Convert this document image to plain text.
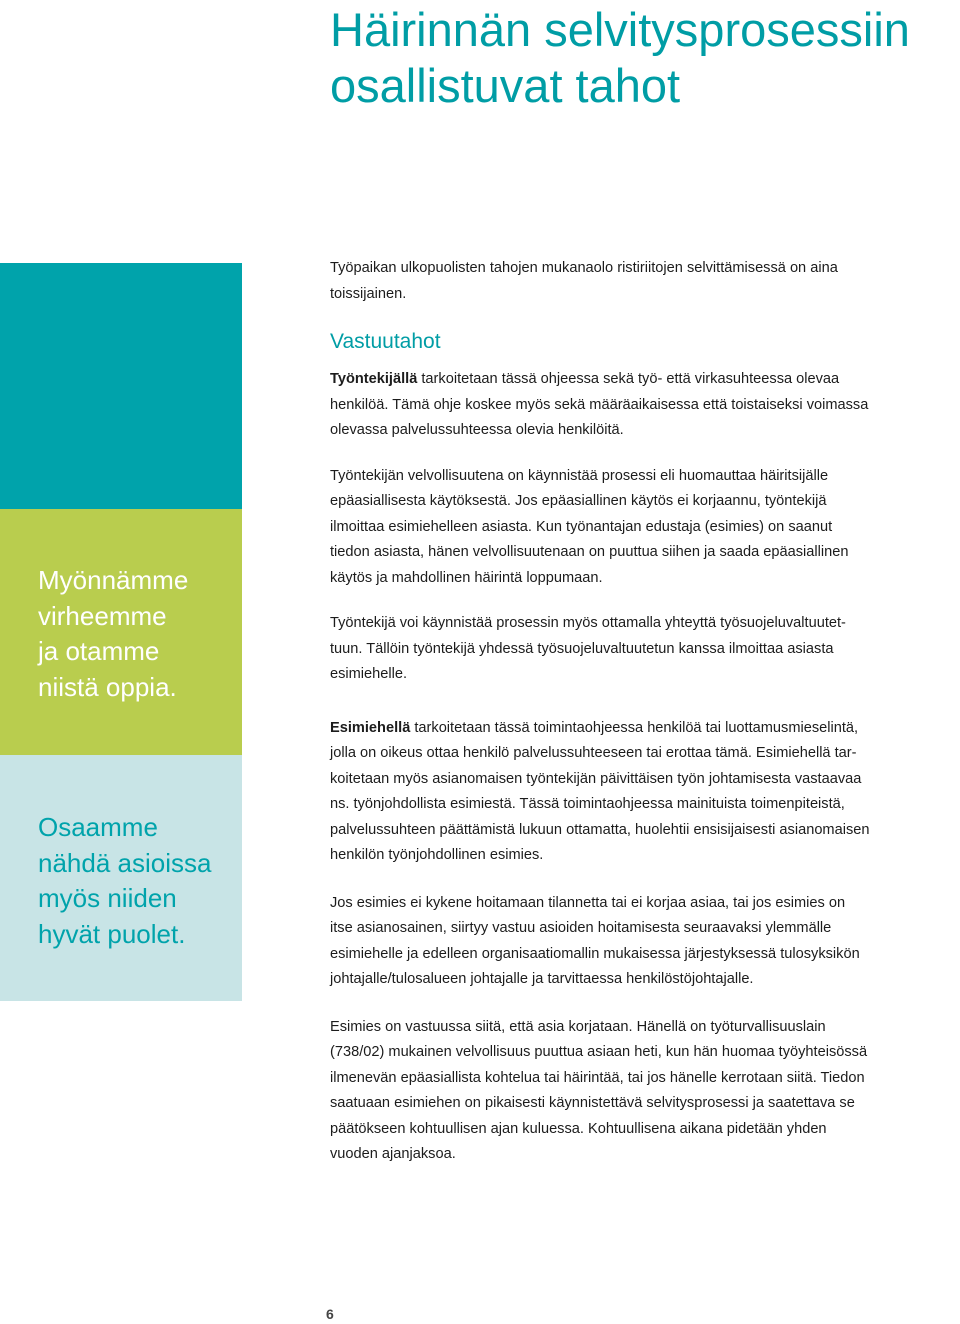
Häirinnän selvitysprosessiin
osallistuvat tahot

Myönnämme
virheemme
ja otamme
niistä oppia.

Osaamme
nähdä asioissa
myös niiden
hyvät puolet.

Työpaikan ulkopuolisten tahojen mukanaolo ristiriitojen selvittämisessä on aina
toissijainen.

Vastuutahot

Työntekijällä tarkoitetaan tässä ohjeessa sekä työ- että virkasuhteessa olevaa
henkilöä. Tämä ohje koskee myös sekä määräaikaisessa että toistaiseksi voimassa
olevassa palvelussuhteessa olevia henkilöitä.

Työntekijän velvollisuutena on käynnistää prosessi eli huomauttaa häiritsijälle
epäasiallisesta käytöksestä. Jos epäasiallinen käytös ei korjaannu, työntekijä
ilmoittaa esimiehelleen asiasta. Kun työnantajan edustaja (esimies) on saanut
tiedon asiasta, hänen velvollisuutenaan on puuttua siihen ja saada epäasiallinen
käytös ja mahdollinen häirintä loppumaan.

Työntekijä voi käynnistää prosessin myös ottamalla yhteyttä työsuojeluvaltuutet-
tuun. Tällöin työntekijä yhdessä työsuojeluvaltuutetun kanssa ilmoittaa asiasta
esimiehelle.

Esimiehellä tarkoitetaan tässä toimintaohjeessa henkilöä tai luottamusmieselintä,
jolla on oikeus ottaa henkilö palvelussuhteeseen tai erottaa tämä. Esimiehellä tar-
koitetaan myös asianomaisen työntekijän päivittäisen työn johtamisesta vastaavaa
ns. työnjohdollista esimiestä. Tässä toimintaohjeessa mainituista toimenpiteistä,
palvelussuhteen päättämistä lukuun ottamatta, huolehtii ensisijaisesti asianomaisen
henkilön työnjohdollinen esimies.

Jos esimies ei kykene hoitamaan tilannetta tai ei korjaa asiaa, tai jos esimies on
itse asianosainen, siirtyy vastuu asioiden hoitamisesta seuraavaksi ylemmälle
esimiehelle ja edelleen organisaatiomallin mukaisessa järjestyksessä tulosyksikön
johtajalle/tulosalueen johtajalle ja tarvittaessa henkilöstöjohtajalle.

Esimies on vastuussa siitä, että asia korjataan. Hänellä on työturvallisuuslain
(738/02) mukainen velvollisuus puuttua asiaan heti, kun hän huomaa työyhteisössä
ilmenevän epäasiallista kohtelua tai häirintää, tai jos hänelle kerrotaan siitä. Tiedon
saatuaan esimiehen on pikaisesti käynnistettävä selvitysprosessi ja saatettava se
päätökseen kohtuullisen ajan kuluessa. Kohtuullisena aikana pidetään yhden
vuoden ajanjaksoa.

6
